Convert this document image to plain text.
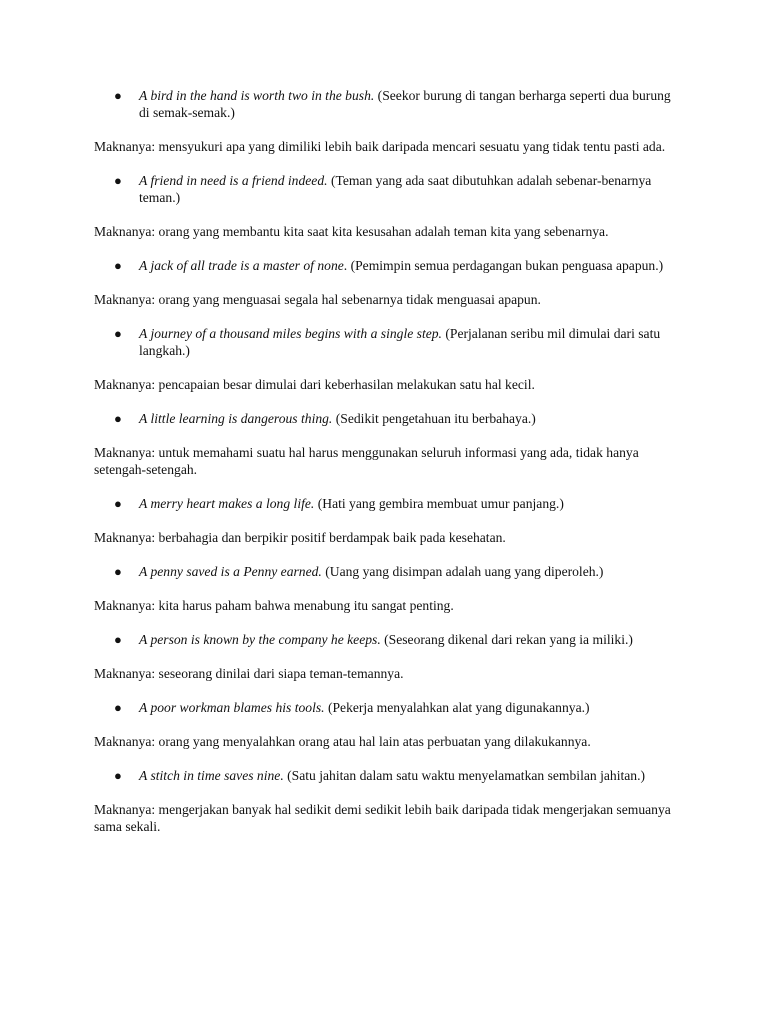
● A bird in the hand is worth two in the bush. (Seekor burung di tangan berharga seperti dua burung di semak-semak.)
Maknanya: mensyukuri apa yang dimiliki lebih baik daripada mencari sesuatu yang tidak tentu pasti ada.
● A friend in need is a friend indeed. (Teman yang ada saat dibutuhkan adalah sebenar-benarnya teman.)
Maknanya: orang yang membantu kita saat kita kesusahan adalah teman kita yang sebenarnya.
● A jack of all trade is a master of none. (Pemimpin semua perdagangan bukan penguasa apapun.)
Maknanya: orang yang menguasai segala hal sebenarnya tidak menguasai apapun.
● A journey of a thousand miles begins with a single step. (Perjalanan seribu mil dimulai dari satu langkah.)
Maknanya: pencapaian besar dimulai dari keberhasilan melakukan satu hal kecil.
● A little learning is dangerous thing. (Sedikit pengetahuan itu berbahaya.)
Maknanya: untuk memahami suatu hal harus menggunakan seluruh informasi yang ada, tidak hanya setengah-setengah.
● A merry heart makes a long life. (Hati yang gembira membuat umur panjang.)
Maknanya: berbahagia dan berpikir positif berdampak baik pada kesehatan.
● A penny saved is a Penny earned. (Uang yang disimpan adalah uang yang diperoleh.)
Maknanya: kita harus paham bahwa menabung itu sangat penting.
● A person is known by the company he keeps. (Seseorang dikenal dari rekan yang ia miliki.)
Maknanya: seseorang dinilai dari siapa teman-temannya.
● A poor workman blames his tools. (Pekerja menyalahkan alat yang digunakannya.)
Maknanya: orang yang menyalahkan orang atau hal lain atas perbuatan yang dilakukannya.
● A stitch in time saves nine. (Satu jahitan dalam satu waktu menyelamatkan sembilan jahitan.)
Maknanya: mengerjakan banyak hal sedikit demi sedikit lebih baik daripada tidak mengerjakan semuanya sama sekali.
